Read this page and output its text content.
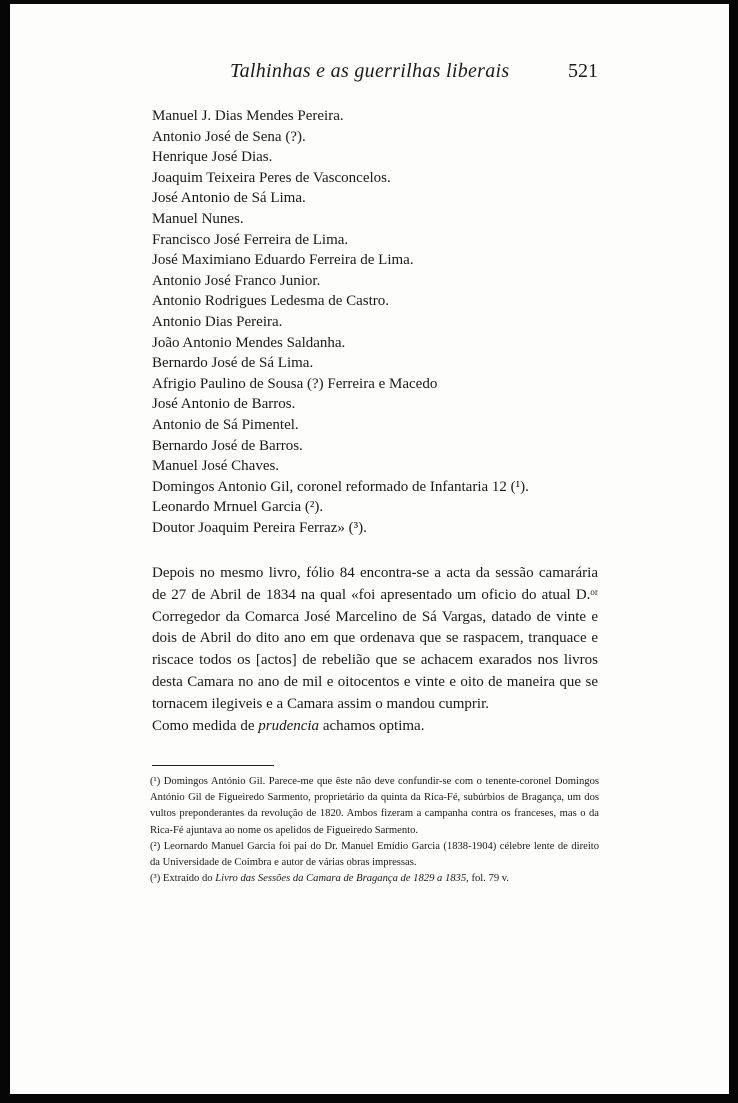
Talhinhas e as guerrilhas liberais	521
Manuel J. Dias Mendes Pereira.
Antonio José de Sena (?).
Henrique José Dias.
Joaquim Teixeira Peres de Vasconcelos.
José Antonio de Sá Lima.
Manuel Nunes.
Francisco José Ferreira de Lima.
José Maximiano Eduardo Ferreira de Lima.
Antonio José Franco Junior.
Antonio Rodrigues Ledesma de Castro.
Antonio Dias Pereira.
João Antonio Mendes Saldanha.
Bernardo José de Sá Lima.
Afrigio Paulino de Sousa (?) Ferreira e Macedo
José Antonio de Barros.
Antonio de Sá Pimentel.
Bernardo José de Barros.
Manuel José Chaves.
Domingos Antonio Gil, coronel reformado de Infantaria 12 (¹).
Leonardo Mrnuel Garcia (²).
Doutor Joaquim Pereira Ferraz» (³).

Depois no mesmo livro, fólio 84 encontra-se a acta da sessão camarária de 27 de Abril de 1834 na qual «foi apresentado um oficio do atual D.ᵒʳ Corregedor da Comarca José Marcelino de Sá Vargas, datado de vinte e dois de Abril do dito ano em que ordenava que se raspacem, tranquace e riscace todos os [actos] de rebelião que se achacem exarados nos livros desta Camara no ano de mil e oitocentos e vinte e oito de maneira que se tornacem ilegiveis e a Camara assim o mandou cumprir.

Como medida de prudencia achamos optima.

(¹) Domingos António Gil. Parece-me que êste não deve confundir-se com o tenente-coronel Domingos António Gil de Figueiredo Sarmento, proprietário da quinta da Rica-Fé, subúrbios de Bragança, um dos vultos preponderantes da revolução de 1820. Ambos fizeram a campanha contra os franceses, mas o da Rica-Fé ajuntava ao nome os apelidos de Figueiredo Sarmento.

(²) Leornardo Manuel Garcia foi pai do Dr. Manuel Emídio Garcia (1838-1904) célebre lente de direito da Universidade de Coimbra e autor de várias obras impressas.

(³) Extraído do Livro das Sessões da Camara de Bragança de 1829 a 1835, fol. 79 v.
